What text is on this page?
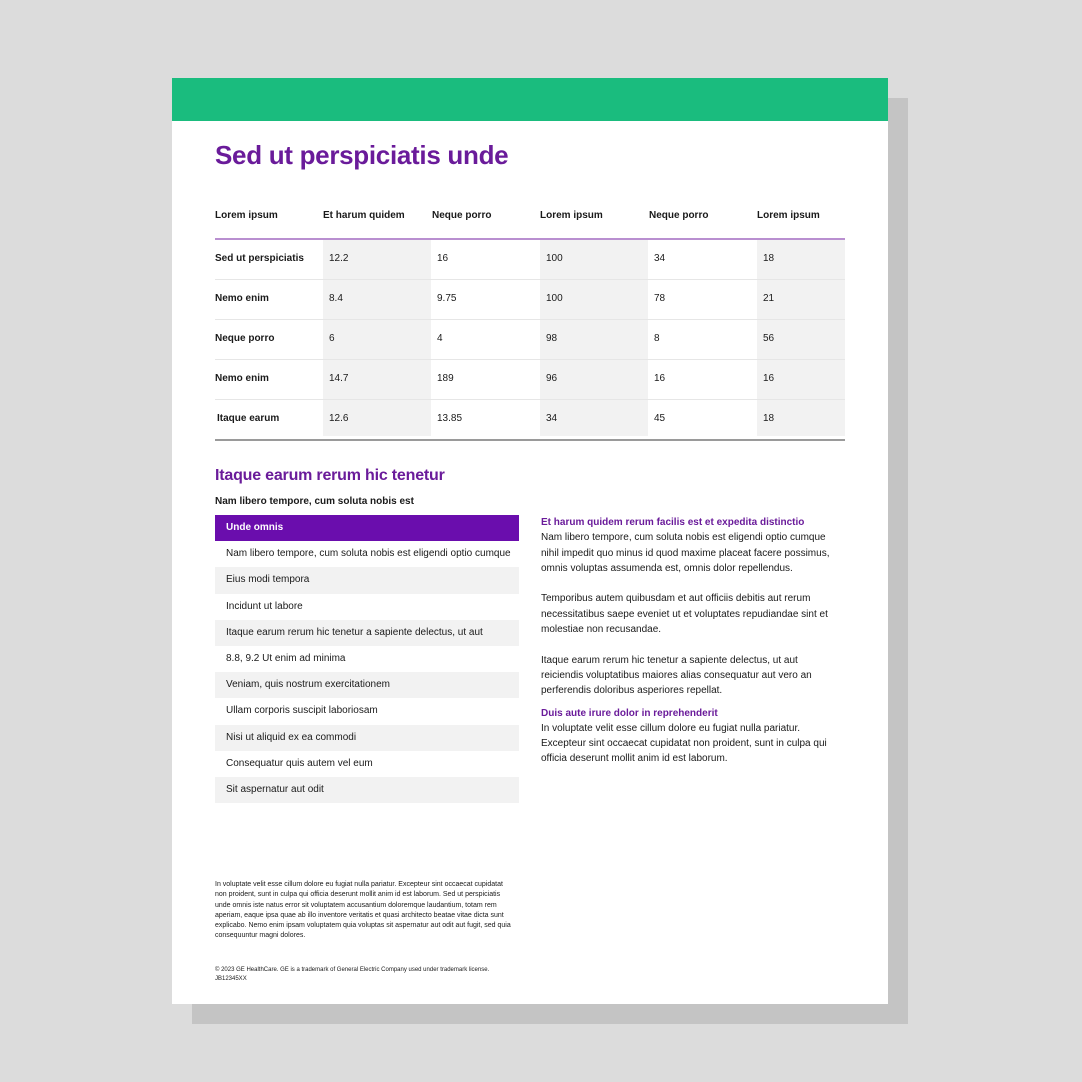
Sed ut perspiciatis unde
Lorem ipsum	Et harum quidem	Neque porro	Lorem ipsum	Neque porro	Lorem ipsum
Sed ut perspiciatis	12.2	16	100	34	18
Nemo enim	8.4	9.75	100	78	21
Neque porro	6	4	98	8	56
Nemo enim	14.7	189	96	16	16
Itaque earum	12.6	13.85	34	45	18
Itaque earum rerum hic tenetur
Nam libero tempore, cum soluta nobis est
Unde omnis
Nam libero tempore, cum soluta nobis est eligendi optio cumque
Eius modi tempora
Incidunt ut labore
Itaque earum rerum hic tenetur a sapiente delectus, ut aut
8.8, 9.2 Ut enim ad minima
Veniam, quis nostrum exercitationem
Ullam corporis suscipit laboriosam
Nisi ut aliquid ex ea commodi
Consequatur quis autem vel eum
Sit aspernatur aut odit
Et harum quidem rerum facilis est et expedita distinctio

Nam libero tempore, cum soluta nobis est eligendi optio cumque nihil impedit quo minus id quod maxime placeat facere possimus, omnis voluptas assumenda est, omnis dolor repellendus.

Temporibus autem quibusdam et aut officiis debitis aut rerum necessitatibus saepe eveniet ut et voluptates repudiandae sint et molestiae non recusandae.

Itaque earum rerum hic tenetur a sapiente delectus, ut aut reiciendis voluptatibus maiores alias consequatur aut vero an perferendis doloribus asperiores repellat.

Duis aute irure dolor in reprehenderit

In voluptate velit esse cillum dolore eu fugiat nulla pariatur. Excepteur sint occaecat cupidatat non proident, sunt in culpa qui officia deserunt mollit anim id est laborum.

In voluptate velit esse cillum dolore eu fugiat nulla pariatur. Excepteur sint occaecat cupidatat non proident, sunt in culpa qui officia deserunt mollit anim id est laborum. Sed ut perspiciatis unde omnis iste natus error sit voluptatem accusantium doloremque laudantium, totam rem aperiam, eaque ipsa quae ab illo inventore veritatis et quasi architecto beatae vitae dicta sunt explicabo. Nemo enim ipsam voluptatem quia voluptas sit aspernatur aut odit aut fugit, sed quia consequuntur magni dolores.

© 2023 GE HealthCare. GE is a trademark of General Electric Company used under trademark license.
JB12345XX
